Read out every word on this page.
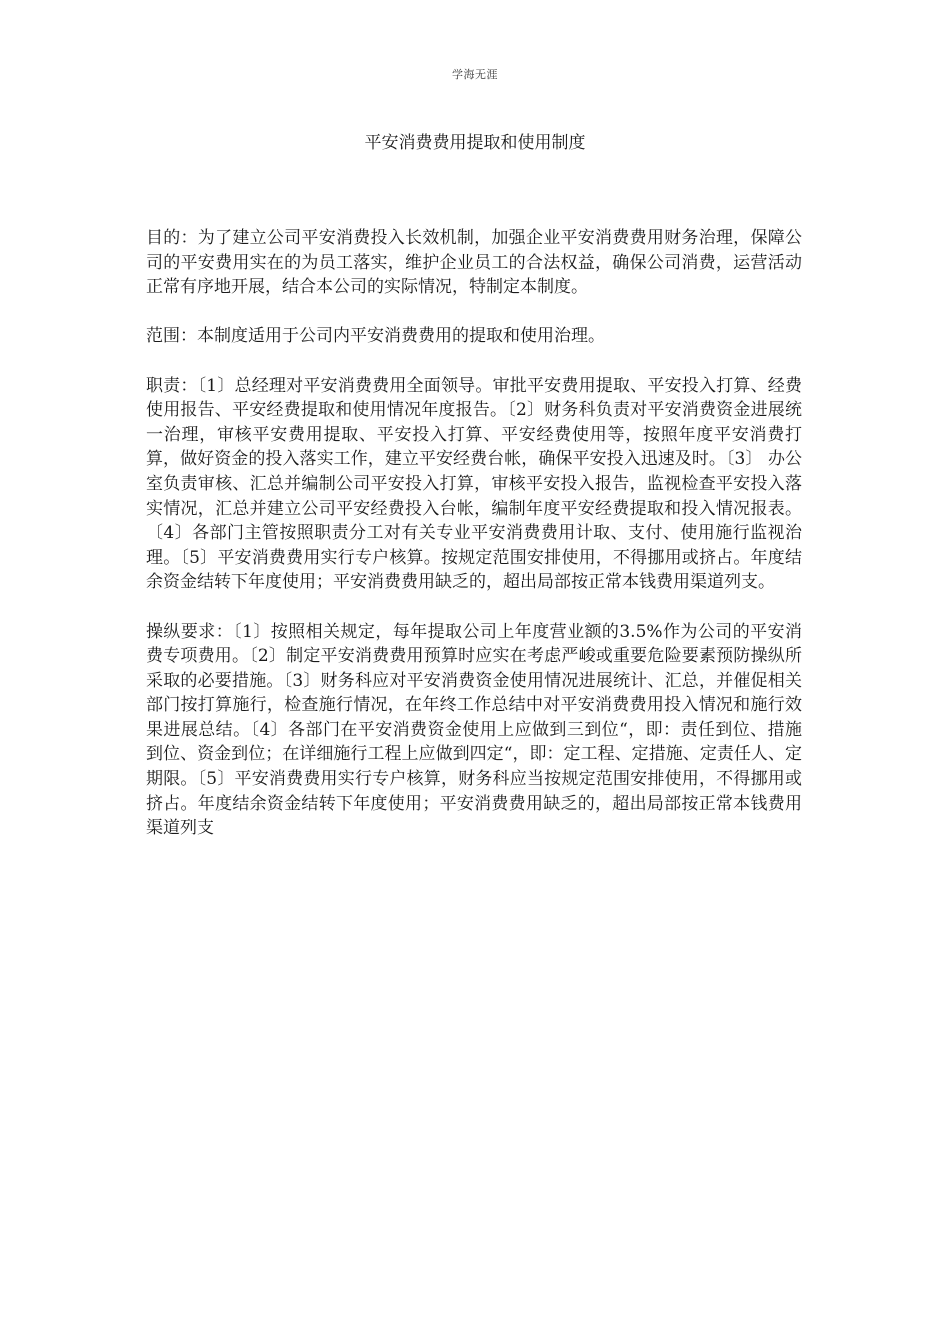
学海无涯
平安消费费用提取和使用制度

目的：为了建立公司平安消费投入长效机制，加强企业平安消费费用财务治理，保障公司的平安费用实在的为员工落实，维护企业员工的合法权益，确保公司消费，运营活动正常有序地开展，结合本公司的实际情况，特制定本制度。

范围：本制度适用于公司内平安消费费用的提取和使用治理。

职责：〔1〕总经理对平安消费费用全面领导。审批平安费用提取、平安投入打算、经费使用报告、平安经费提取和使用情况年度报告。〔2〕财务科负责对平安消费资金进展统一治理，审核平安费用提取、平安投入打算、平安经费使用等，按照年度平安消费打算，做好资金的投入落实工作，建立平安经费台帐，确保平安投入迅速及时。〔3〕 办公室负责审核、汇总并编制公司平安投入打算，审核平安投入报告，监视检查平安投入落实情况，汇总并建立公司平安经费投入台帐，编制年度平安经费提取和投入情况报表。〔4〕各部门主管按照职责分工对有关专业平安消费费用计取、支付、使用施行监视治理。〔5〕平安消费费用实行专户核算。按规定范围安排使用，不得挪用或挤占。年度结余资金结转下年度使用；平安消费费用缺乏的，超出局部按正常本钱费用渠道列支。

操纵要求：〔1〕按照相关规定，每年提取公司上年度营业额的3.5%作为公司的平安消费专项费用。〔2〕制定平安消费费用预算时应实在考虑严峻或重要危险要素预防操纵所采取的必要措施。〔3〕财务科应对平安消费资金使用情况进展统计、汇总，并催促相关部门按打算施行，检查施行情况，在年终工作总结中对平安消费费用投入情况和施行效果进展总结。〔4〕各部门在平安消费资金使用上应做到三到位“，即：责任到位、措施到位、资金到位；在详细施行工程上应做到四定“，即：定工程、定措施、定责任人、定期限。〔5〕平安消费费用实行专户核算，财务科应当按规定范围安排使用，不得挪用或挤占。年度结余资金结转下年度使用；平安消费费用缺乏的，超出局部按正常本钱费用渠道列支
